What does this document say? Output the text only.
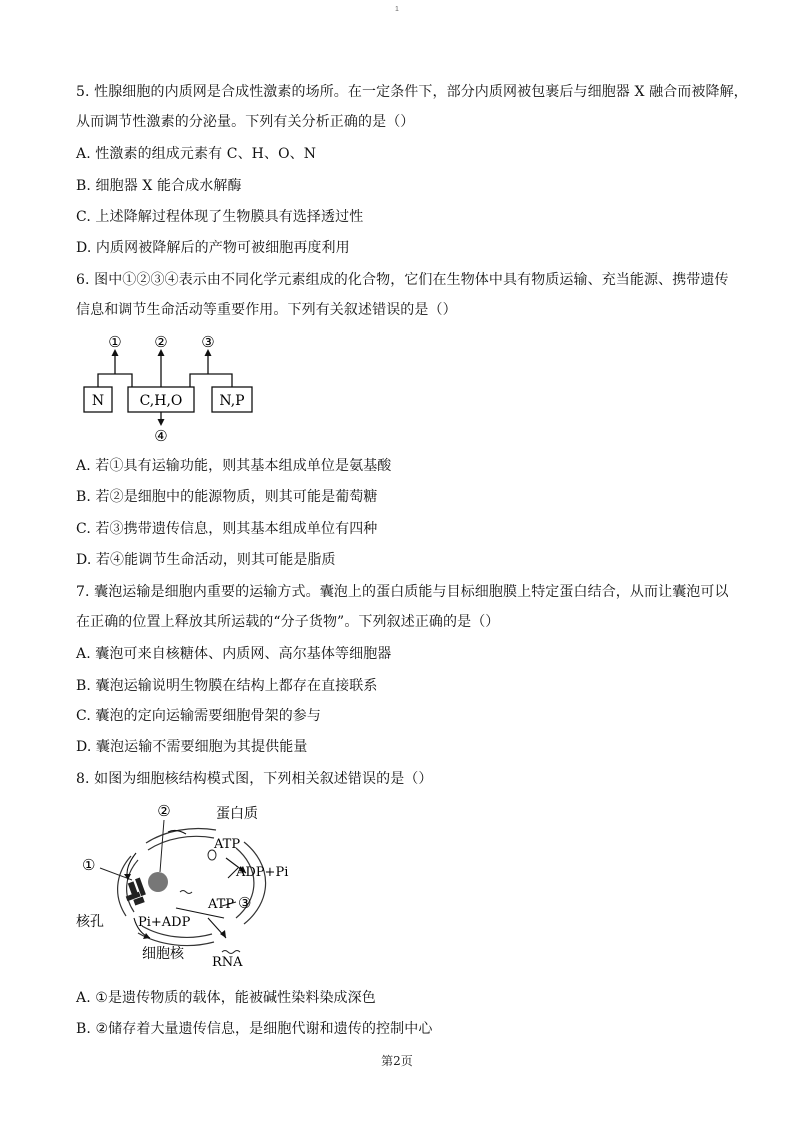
1
5. 性腺细胞的内质网是合成性激素的场所。在一定条件下，部分内质网被包裹后与细胞器 X 融合而被降解，
从而调节性激素的分泌量。下列有关分析正确的是（）
A. 性激素的组成元素有 C、H、O、N
B. 细胞器 X 能合成水解酶
C. 上述降解过程体现了生物膜具有选择透过性
D. 内质网被降解后的产物可被细胞再度利用
6. 图中①②③④表示由不同化学元素组成的化合物，它们在生物体中具有物质运输、充当能源、携带遗传
信息和调节生命活动等重要作用。下列有关叙述错误的是（）
① ② ③
④
N	C,H,O	N,P
A. 若①具有运输功能，则其基本组成单位是氨基酸
B. 若②是细胞中的能源物质，则其可能是葡萄糖
C. 若③携带遗传信息，则其基本组成单位有四种
D. 若④能调节生命活动，则其可能是脂质
7. 囊泡运输是细胞内重要的运输方式。囊泡上的蛋白质能与目标细胞膜上特定蛋白结合，从而让囊泡可以
在正确的位置上释放其所运载的“分子货物”。下列叙述正确的是（）
A. 囊泡可来自核糖体、内质网、高尔基体等细胞器
B. 囊泡运输说明生物膜在结构上都存在直接联系
C. 囊泡的定向运输需要细胞骨架的参与
D. 囊泡运输不需要细胞为其提供能量
8. 如图为细胞核结构模式图，下列相关叙述错误的是（）
②
①
③
蛋白质
ATP
ADP+Pi
ATP
Pi+ADP
核孔
细胞核
RNA
A. ①是遗传物质的载体，能被碱性染料染成深色
B. ②储存着大量遗传信息，是细胞代谢和遗传的控制中心
第2页
